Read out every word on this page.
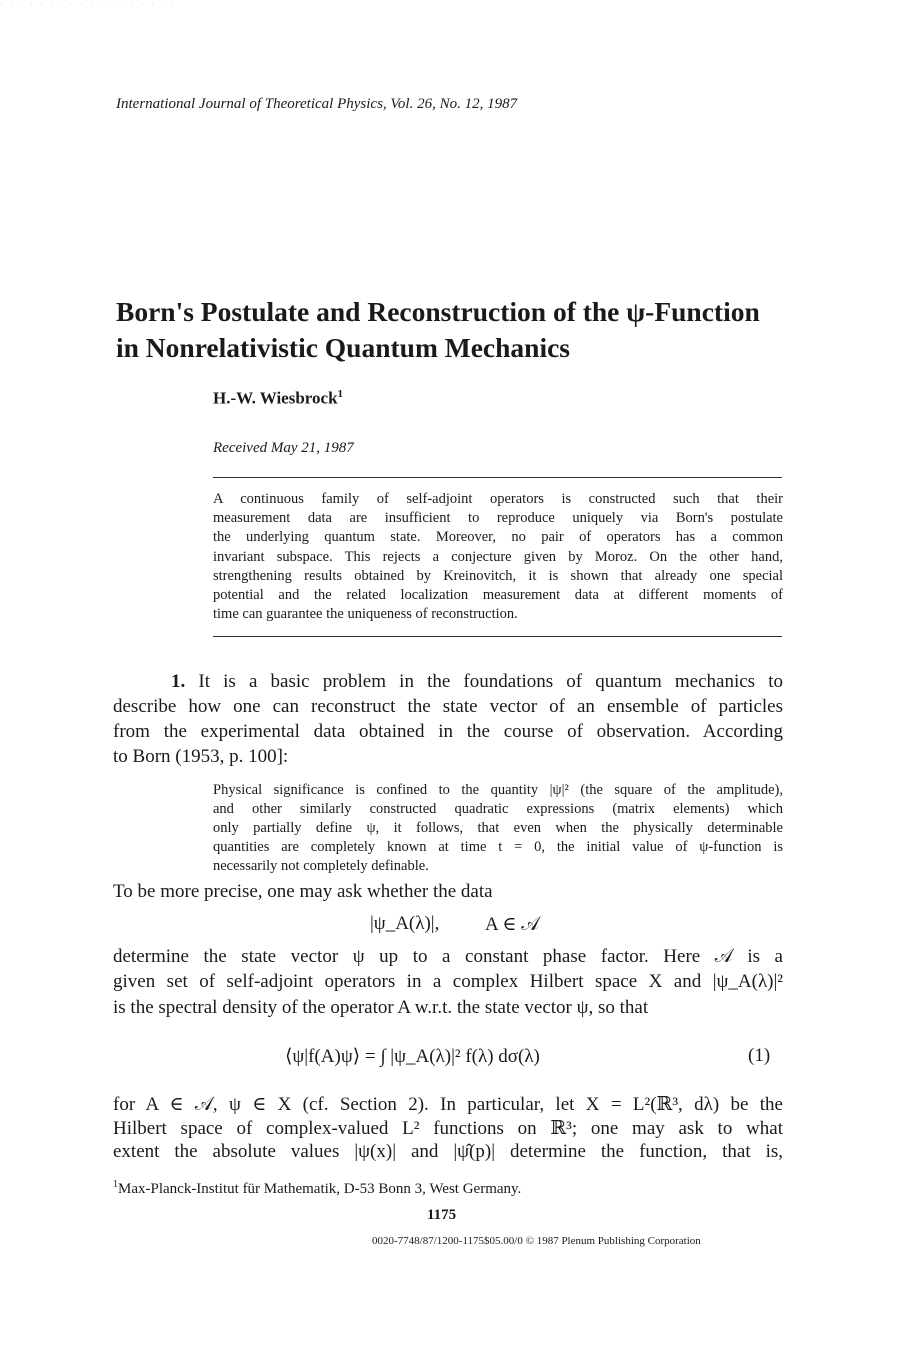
· · · · · · · · · · · · · · · · · ·
International Journal of Theoretical Physics, Vol. 26, No. 12, 1987
Born's Postulate and Reconstruction of the ψ-Function
in Nonrelativistic Quantum Mechanics
H.-W. Wiesbrock$^1$
Received May 21, 1987
A continuous family of self-adjoint operators is constructed such that their
measurement data are insufficient to reproduce uniquely via Born's postulate
the underlying quantum state. Moreover, no pair of operators has a common
invariant subspace. This rejects a conjecture given by Moroz. On the other hand,
strengthening results obtained by Kreinovitch, it is shown that already one special
potential and the related localization measurement data at different moments of
time can guarantee the uniqueness of reconstruction.
1. It is a basic problem in the foundations of quantum mechanics to
describe how one can reconstruct the state vector of an ensemble of particles
from the experimental data obtained in the course of observation. According
to Born (1953, p. 100]:
Physical significance is confined to the quantity |ψ|² (the square of the amplitude),
and other similarly constructed quadratic expressions (matrix elements) which
only partially define ψ, it follows, that even when the physically determinable
quantities are completely known at time t = 0, the initial value of ψ-function is
necessarily not completely definable.
To be more precise, one may ask whether the data
|ψ_A(λ)|, A ∈ 𝒜
determine the state vector ψ up to a constant phase factor. Here 𝒜 is a
given set of self-adjoint operators in a complex Hilbert space X and |ψ_A(λ)|²
is the spectral density of the operator A w.r.t. the state vector ψ, so that
⟨ψ|f(A)ψ⟩ = ∫ |ψ_A(λ)|² f(λ) dσ(λ)	(1)
for A ∈ 𝒜, ψ ∈ X (cf. Section 2). In particular, let X = L²(ℝ³, dλ) be the
Hilbert space of complex-valued L² functions on ℝ³; one may ask to what
extent the absolute values |ψ(x)| and |ψ̂(p)| determine the function, that is,
$^1$Max-Planck-Institut für Mathematik, D-53 Bonn 3, West Germany.
1175
0020-7748/87/1200-1175$05.00/0 © 1987 Plenum Publishing Corporation
